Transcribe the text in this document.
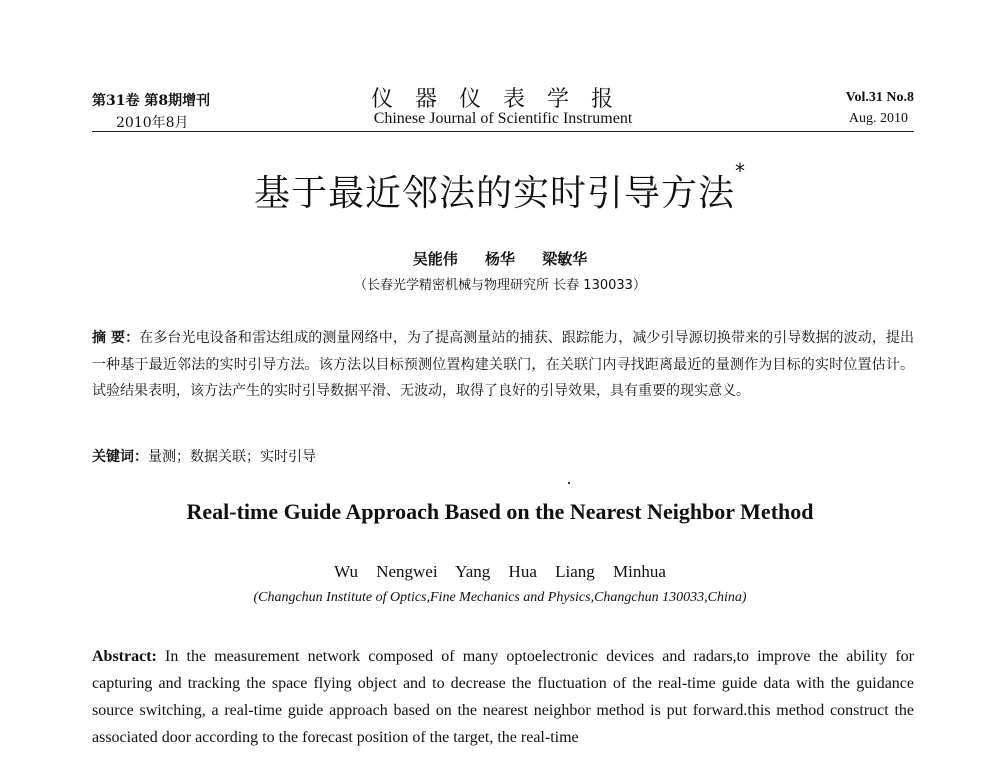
第31卷 第8期增刊
2010年8月
仪器仪表学报
Chinese Journal of Scientific Instrument
Vol.31 No.8
Aug. 2010
基于最近邻法的实时引导方法*
吴能伟 杨华 梁敏华
（长春光学精密机械与物理研究所 长春 130033）
摘 要：在多台光电设备和雷达组成的测量网络中，为了提高测量站的捕获、跟踪能力，减少引导源切换带来的引导数据的波动，提出一种基于最近邻法的实时引导方法。该方法以目标预测位置构建关联门，在关联门内寻找距离最近的量测作为目标的实时位置估计。试验结果表明，该方法产生的实时引导数据平滑、无波动，取得了良好的引导效果，具有重要的现实意义。
关键词：量测；数据关联；实时引导
Real-time Guide Approach Based on the Nearest Neighbor Method
Wu Nengwei Yang Hua Liang Minhua
(Changchun Institute of Optics,Fine Mechanics and Physics,Changchun 130033,China)
Abstract: In the measurement network composed of many optoelectronic devices and radars,to improve the ability for capturing and tracking the space flying object and to decrease the fluctuation of the real-time guide data with the guidance source switching, a real-time guide approach based on the nearest neighbor method is put forward.this method construct the associated door according to the forecast position of the target, the real-time
